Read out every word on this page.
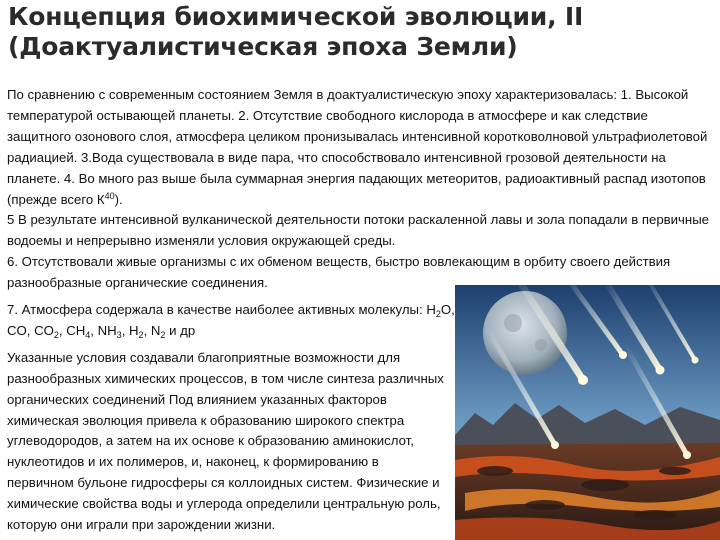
Концепция биохимической эволюции, II
(Доактуалистическая эпоха Земли)

По сравнению с современным состоянием Земля в доактуалистическую эпоху характеризовалась: 1. Высокой температурой остывающей планеты. 2. Отсутствие свободного кислорода в атмосфере и как следствие защитного озонового слоя, атмосфера целиком пронизывалась интенсивной коротковолновой ультрафиолетовой радиацией. 3.Вода существовала в виде пара, что способствовало интенсивной грозовой деятельности на планете. 4. Во много раз выше была суммарная энергия падающих метеоритов, радиоактивный распад изотопов (прежде всего $К^{40}$).

5 В результате интенсивной вулканической деятельности потоки раскаленной лавы и зола попадали в первичные водоемы и непрерывно изменяли условия окружающей среды.

6. Отсутствовали живые организмы с их обменом веществ, быстро вовлекающим в орбиту своего действия разнообразные органические соединения.

7. Атмосфера содержала в качестве наиболее активных молекулы: $H_2O$, CO, $CO_2$, $CH_4$, $NH_3$, $H_2$, $N_2$ и др

Указанные условия создавали благоприятные возможности для разнообразных химических процессов, в том числе синтеза различных органических соединений Под влиянием указанных факторов химическая эволюция привела к образованию широкого спектра углеводородов, а затем на их основе к образованию аминокислот, нуклеотидов и их полимеров, и, наконец, к формированию в первичном бульоне гидросферы ся коллоидных систем. Физические и химические свойства воды и углерода определили центральную роль, которую они играли при зарождении жизни.
